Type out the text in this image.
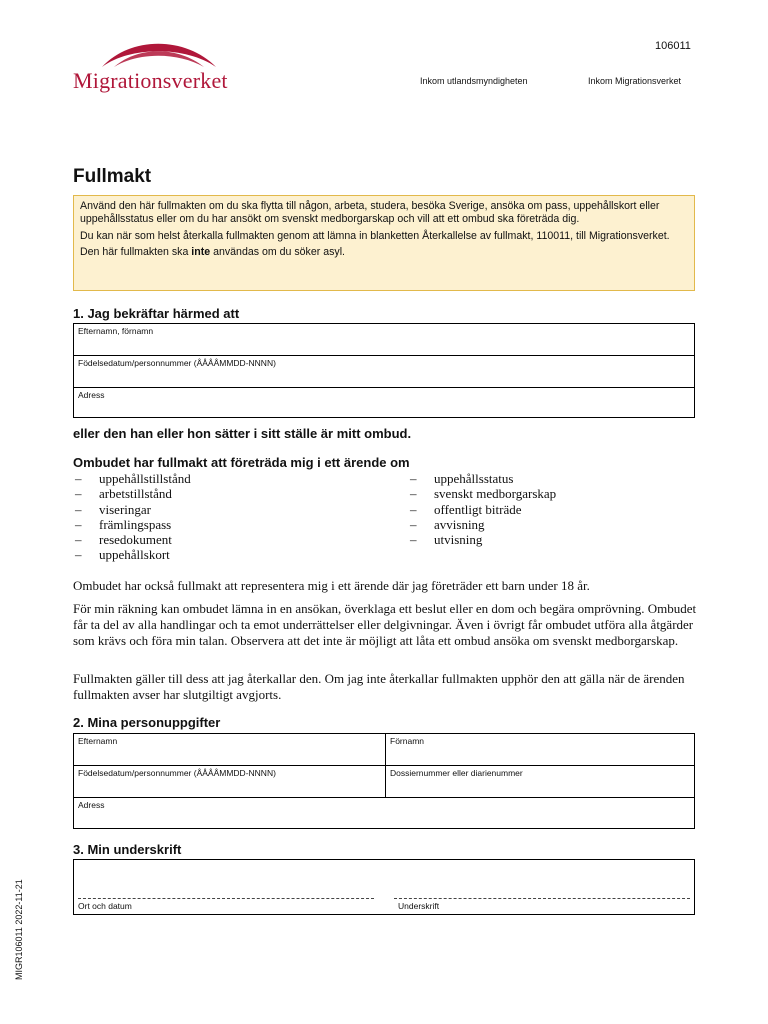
Migrationsverket
106011
Inkom utlandsmyndigheten	Inkom Migrationsverket
Fullmakt

Använd den här fullmakten om du ska flytta till någon, arbeta, studera, besöka Sverige, ansöka om pass, uppehållskort eller uppehållsstatus eller om du har ansökt om svenskt medborgarskap och vill att ett ombud ska företräda dig.

Du kan när som helst återkalla fullmakten genom att lämna in blanketten Återkallelse av fullmakt, 110011, till Migrationsverket.

Den här fullmakten ska inte användas om du söker asyl.

1. Jag bekräftar härmed att
Efternamn, förnamn
Födelsedatum/personnummer (ÅÅÅÅMMDD-NNNN)
Adress
eller den han eller hon sätter i sitt ställe är mitt ombud.
Ombudet har fullmakt att företräda mig i ett ärende om
– uppehållstillstånd
– arbetstillstånd
– viseringar
– främlingspass
– resedokument
– uppehållskort
– uppehållsstatus
– svenskt medborgarskap
– offentligt biträde
– avvisning
– utvisning

Ombudet har också fullmakt att representera mig i ett ärende där jag företräder ett barn under 18 år.

För min räkning kan ombudet lämna in en ansökan, överklaga ett beslut eller en dom och begära omprövning. Ombudet får ta del av alla handlingar och ta emot underrättelser eller delgivningar. Även i övrigt får ombudet utföra alla åtgärder som krävs och föra min talan. Observera att det inte är möjligt att låta ett ombud ansöka om svenskt medborgarskap.

Fullmakten gäller till dess att jag återkallar den. Om jag inte återkallar fullmakten upphör den att gälla när de ärenden fullmakten avser har slutgiltigt avgjorts.

2. Mina personuppgifter
Efternamn	Förnamn
Födelsedatum/personnummer (ÅÅÅÅMMDD-NNNN)	Dossiernummer eller diarienummer
Adress
3. Min underskrift
Ort och datum	Underskrift
MIGR106011 2022-11-21
